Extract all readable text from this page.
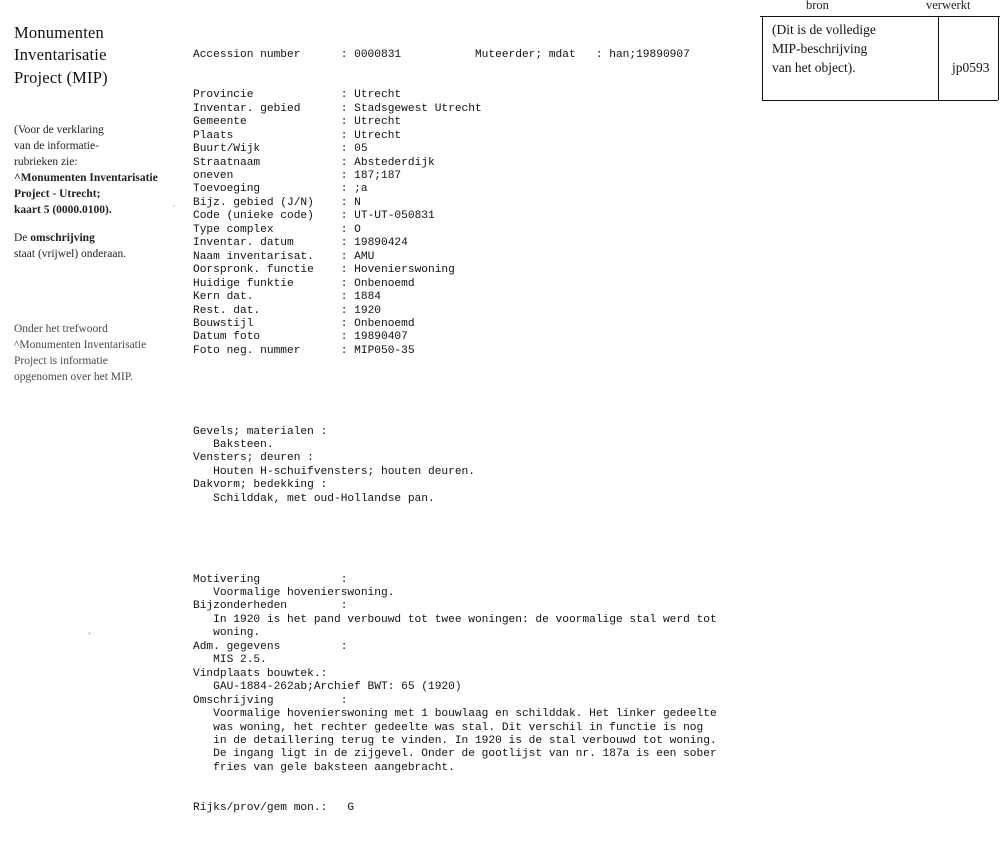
Monumenten
Inventarisatie
Project (MIP)
(Voor de verklaring
van de informatie-
rubrieken zie:
^Monumenten Inventarisatie
Project - Utrecht;
kaart 5 (0000.0100).
De omschrijving
staat (vrijwel) onderaan.
Onder het trefwoord
^Monumenten Inventarisatie
Project is informatie
opgenomen over het MIP.

Accession number      : 0000831           Muteerder; mdat   : han;19890907

Provincie             : Utrecht
Inventar. gebied      : Stadsgewest Utrecht
Gemeente              : Utrecht
Plaats                : Utrecht
Buurt/Wijk            : 05
Straatnaam            : Abstederdijk
oneven                : 187;187
Toevoeging            : ;a
Bijz. gebied (J/N)    : N
Code (unieke code)    : UT-UT-050831
Type complex          : O
Inventar. datum       : 19890424
Naam inventarisat.    : AMU
Oorspronk. functie    : Hovenierswoning
Huidige funktie       : Onbenoemd
Kern dat.             : 1884
Rest. dat.            : 1920
Bouwstijl             : Onbenoemd
Datum foto            : 19890407
Foto neg. nummer      : MIP050-35

Gevels; materialen :
Baksteen.
Vensters; deuren :
Houten H-schuifvensters; houten deuren.
Dakvorm; bedekking :
Schilddak, met oud-Hollandse pan.

Motivering            :
Voormalige hovenierswoning.
Bijzonderheden        :
In 1920 is het pand verbouwd tot twee woningen: de voormalige stal werd tot
woning.
Adm. gegevens         :
MIS 2.5.
Vindplaats bouwtek.:
GAU-1884-262ab;Archief BWT: 65 (1920)
Omschrijving          :
Voormalige hovenierswoning met 1 bouwlaag en schilddak. Het linker gedeelte
was woning, het rechter gedeelte was stal. Dit verschil in functie is nog
in de detaillering terug te vinden. In 1920 is de stal verbouwd tot woning.
De ingang ligt in de zijgevel. Onder de gootlijst van nr. 187a is een sober
fries van gele baksteen aangebracht.

Rijks/prov/gem mon.:   G

bron	verwerkt
(Dit is de volledige
MIP-beschrijving
van het object).	jp0593
